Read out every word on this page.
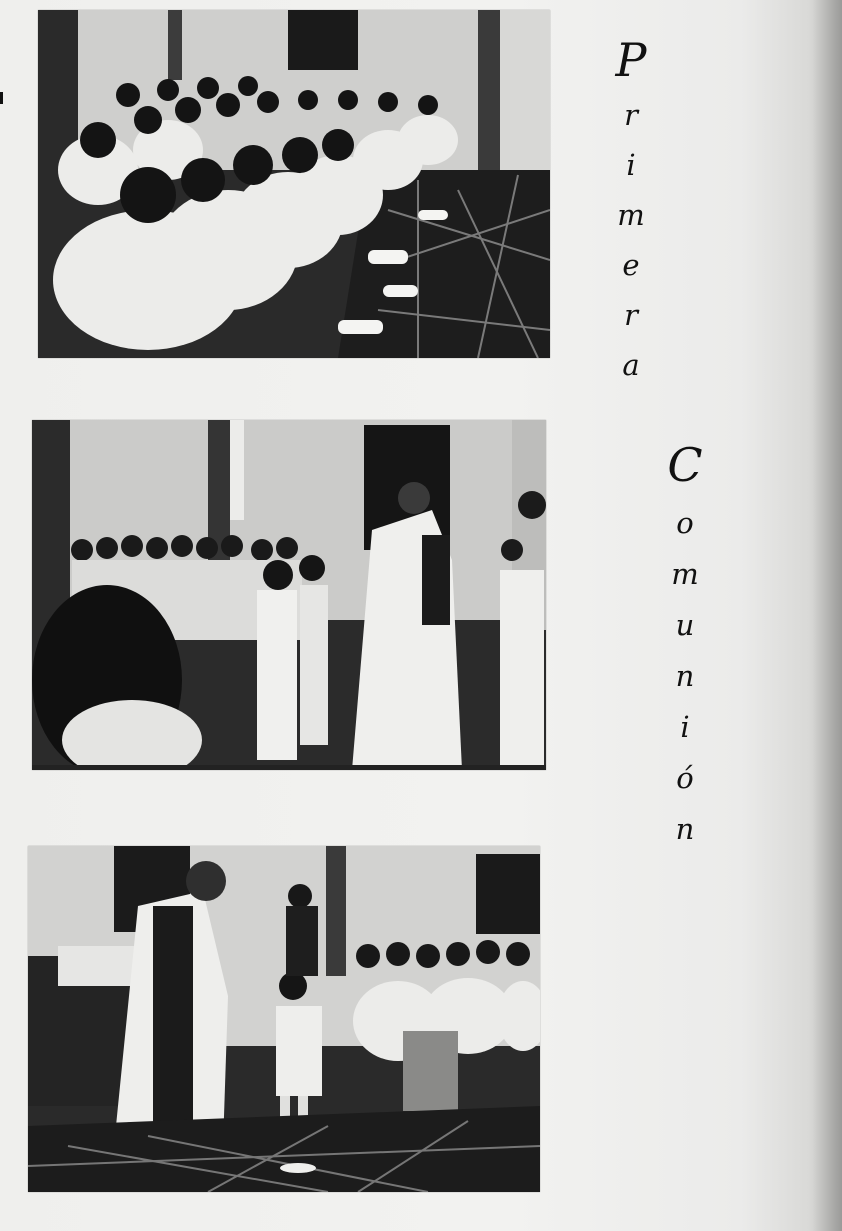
P
r
i
m
e
r
a
C
o
m
u
n
i
ó
n
